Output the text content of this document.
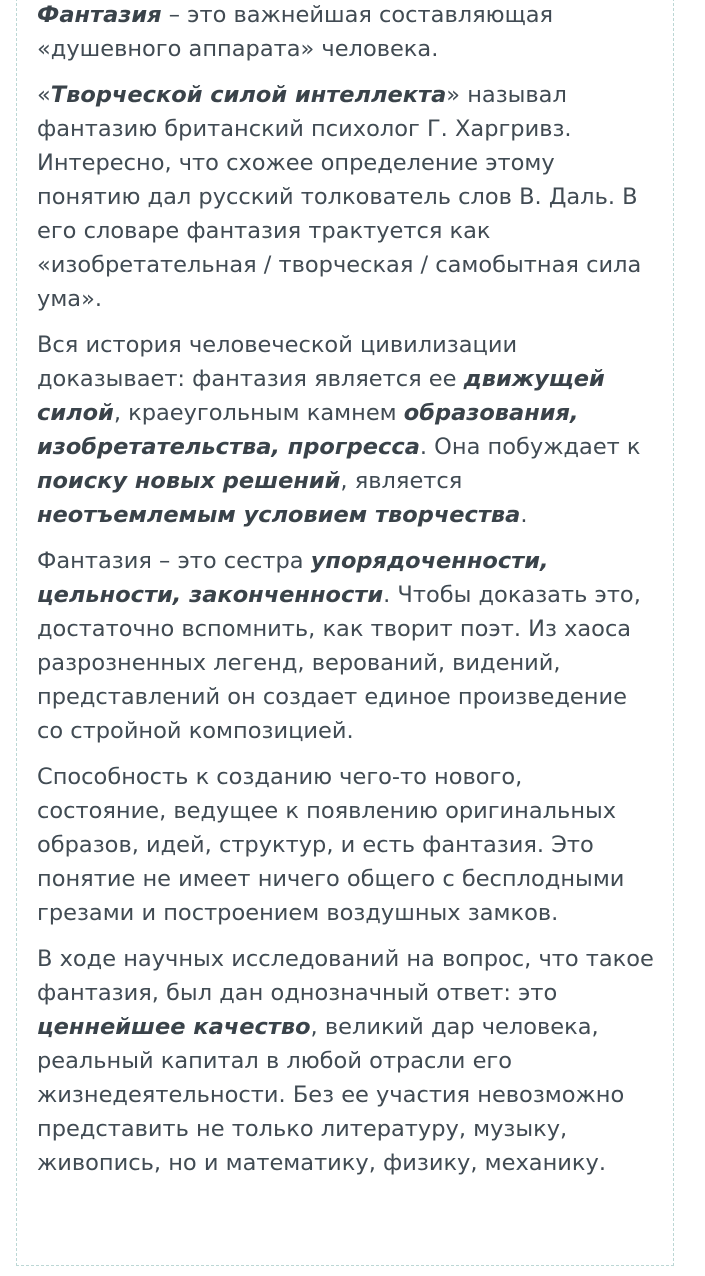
Фантазия – это важнейшая составляющая «душевного аппарата» человека.

«Творческой силой интеллекта» называл фантазию британский психолог Г. Харгривз. Интересно, что схожее определение этому понятию дал русский толкователь слов В. Даль. В его словаре фантазия трактуется как «изобретательная / творческая / самобытная сила ума».

Вся история человеческой цивилизации доказывает: фантазия является ее движущей силой, краеугольным камнем образования, изобретательства, прогресса. Она побуждает к поиску новых решений, является неотъемлемым условием творчества.

Фантазия – это сестра упорядоченности, цельности, законченности. Чтобы доказать это, достаточно вспомнить, как творит поэт. Из хаоса разрозненных легенд, верований, видений, представлений он создает единое произведение со стройной композицией.

Способность к созданию чего-то нового, состояние, ведущее к появлению оригинальных образов, идей, структур, и есть фантазия. Это понятие не имеет ничего общего с бесплодными грезами и построением воздушных замков.

В ходе научных исследований на вопрос, что такое фантазия, был дан однозначный ответ: это ценнейшее качество, великий дар человека, реальный капитал в любой отрасли его жизнедеятельности. Без ее участия невозможно представить не только литературу, музыку, живопись, но и математику, физику, механику.
